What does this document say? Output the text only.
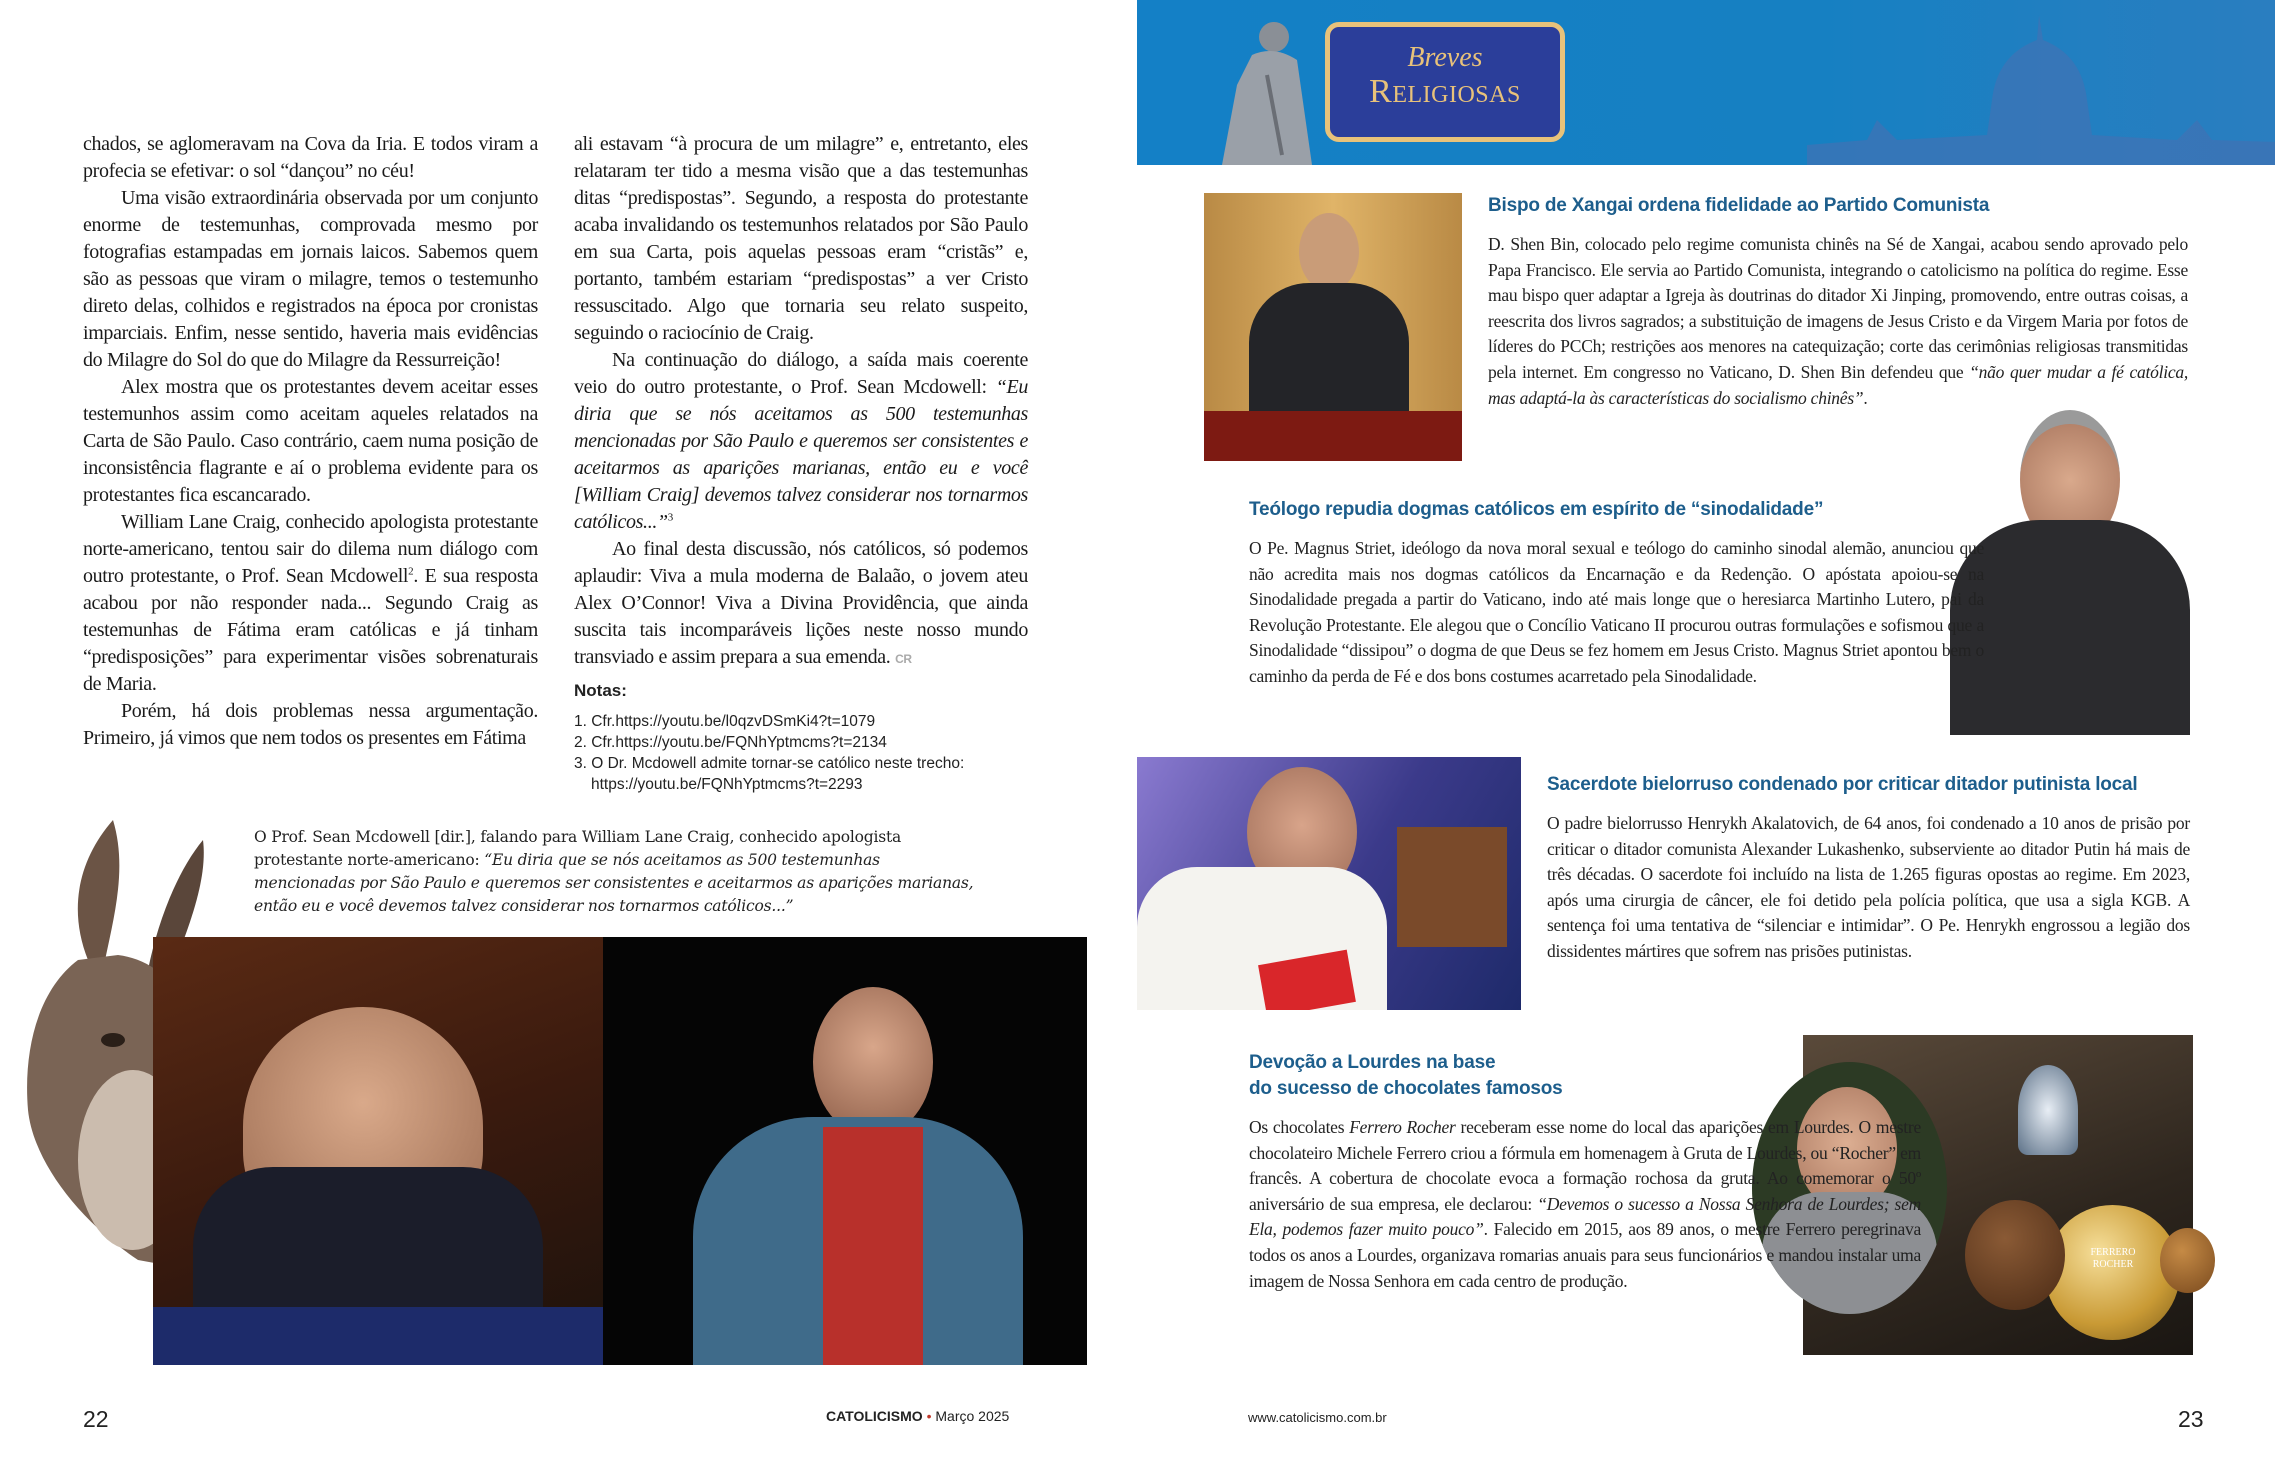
chados, se aglomeravam na Cova da Iria. E todos viram a profecia se efetivar: o sol “dançou” no céu!

Uma visão extraordinária observada por um conjunto enorme de testemunhas, comprovada mesmo por fotografias estampadas em jornais laicos. Sabemos quem são as pessoas que viram o milagre, temos o testemunho direto delas, colhidos e registrados na época por cronistas imparciais. Enfim, nesse sentido, haveria mais evidências do Milagre do Sol do que do Milagre da Ressurreição!

Alex mostra que os protestantes devem aceitar esses testemunhos assim como aceitam aqueles relatados na Carta de São Paulo. Caso contrário, caem numa posição de inconsistência flagrante e aí o problema evidente para os protestantes fica escancarado.

William Lane Craig, conhecido apologista protestante norte-americano, tentou sair do dilema num diálogo com outro protestante, o Prof. Sean Mcdowell$^2$. E sua resposta acabou por não responder nada... Segundo Craig as testemunhas de Fátima eram católicas e já tinham “predisposições” para experimentar visões sobrenaturais de Maria.

Porém, há dois problemas nessa argumentação. Primeiro, já vimos que nem todos os presentes em Fátima

ali estavam “à procura de um milagre” e, entretanto, eles relataram ter tido a mesma visão que a das testemunhas ditas “predispostas”. Segundo, a resposta do protestante acaba invalidando os testemunhos relatados por São Paulo em sua Carta, pois aquelas pessoas eram “cristãs” e, portanto, também estariam “predispostas” a ver Cristo ressuscitado. Algo que tornaria seu relato suspeito, seguindo o raciocínio de Craig.

Na continuação do diálogo, a saída mais coerente veio do outro protestante, o Prof. Sean Mcdowell: “Eu diria que se nós aceitamos as 500 testemunhas mencionadas por São Paulo e queremos ser consistentes e aceitarmos as aparições marianas, então eu e você [William Craig] devemos talvez considerar nos tornarmos católicos...”$^3$

Ao final desta discussão, nós católicos, só podemos aplaudir: Viva a mula moderna de Balaão, o jovem ateu Alex O’Connor! Viva a Divina Providência, que ainda suscita tais incomparáveis lições neste nosso mundo transviado e assim prepara a sua emenda. CR

Notas:
1. Cfr.https://youtu.be/l0qzvDSmKi4?t=1079
2. Cfr.https://youtu.be/FQNhYptmcms?t=2134
3. O Dr. Mcdowell admite tornar-se católico neste trecho:
https://youtu.be/FQNhYptmcms?t=2293
O Prof. Sean Mcdowell [dir.], falando para William Lane Craig, conhecido apologista protestante norte-americano: “Eu diria que se nós aceitamos as 500 testemunhas mencionadas por São Paulo e queremos ser consistentes e aceitarmos as aparições marianas, então eu e você devemos talvez considerar nos tornarmos católicos...”
22	CATOLICISMO • Março 2025
Breves
Religiosas
Bispo de Xangai ordena fidelidade ao Partido Comunista

D. Shen Bin, colocado pelo regime comunista chinês na Sé de Xangai, acabou sendo aprovado pelo Papa Francisco. Ele servia ao Partido Comunista, integrando o catolicismo na política do regime. Esse mau bispo quer adaptar a Igreja às doutrinas do ditador Xi Jinping, promovendo, entre outras coisas, a reescrita dos livros sagrados; a substituição de imagens de Jesus Cristo e da Virgem Maria por fotos de líderes do PCCh; restrições aos menores na catequização; corte das cerimônias religiosas transmitidas pela internet. Em congresso no Vaticano, D. Shen Bin defendeu que “não quer mudar a fé católica, mas adaptá-la às características do socialismo chinês”.

Teólogo repudia dogmas católicos em espírito de “sinodalidade”

O Pe. Magnus Striet, ideólogo da nova moral sexual e teólogo do caminho sinodal alemão, anunciou que não acredita mais nos dogmas católicos da Encarnação e da Redenção. O apóstata apoiou-se na Sinodalidade pregada a partir do Vaticano, indo até mais longe que o heresiarca Martinho Lutero, pai da Revolução Protestante. Ele alegou que o Concílio Vaticano II procurou outras formulações e sofismou que a Sinodalidade “dissipou” o dogma de que Deus se fez homem em Jesus Cristo. Magnus Striet apontou bem o caminho da perda de Fé e dos bons costumes acarretado pela Sinodalidade.

Sacerdote bielorruso condenado por criticar ditador putinista local

O padre bielorrusso Henrykh Akalatovich, de 64 anos, foi condenado a 10 anos de prisão por criticar o ditador comunista Alexander Lukashenko, subserviente ao ditador Putin há mais de três décadas. O sacerdote foi incluído na lista de 1.265 figuras opostas ao regime. Em 2023, após uma cirurgia de câncer, ele foi detido pela polícia política, que usa a sigla KGB. A sentença foi uma tentativa de “silenciar e intimidar”. O Pe. Henrykh engrossou a legião dos dissidentes mártires que sofrem nas prisões putinistas.

FERRERO ROCHER
Devoção a Lourdes na base
do sucesso de chocolates famosos

Os chocolates Ferrero Rocher receberam esse nome do local das aparições em Lourdes. O mestre chocolateiro Michele Ferrero criou a fórmula em homenagem à Gruta de Lourdes, ou “Rocher” em francês. A cobertura de chocolate evoca a formação rochosa da gruta. Ao comemorar o 50º aniversário de sua empresa, ele declarou: “Devemos o sucesso a Nossa Senhora de Lourdes; sem Ela, podemos fazer muito pouco”. Falecido em 2015, aos 89 anos, o mestre Ferrero peregrinava todos os anos a Lourdes, organizava romarias anuais para seus funcionários e mandou instalar uma imagem de Nossa Senhora em cada centro de produção.

www.catolicismo.com.br	23
